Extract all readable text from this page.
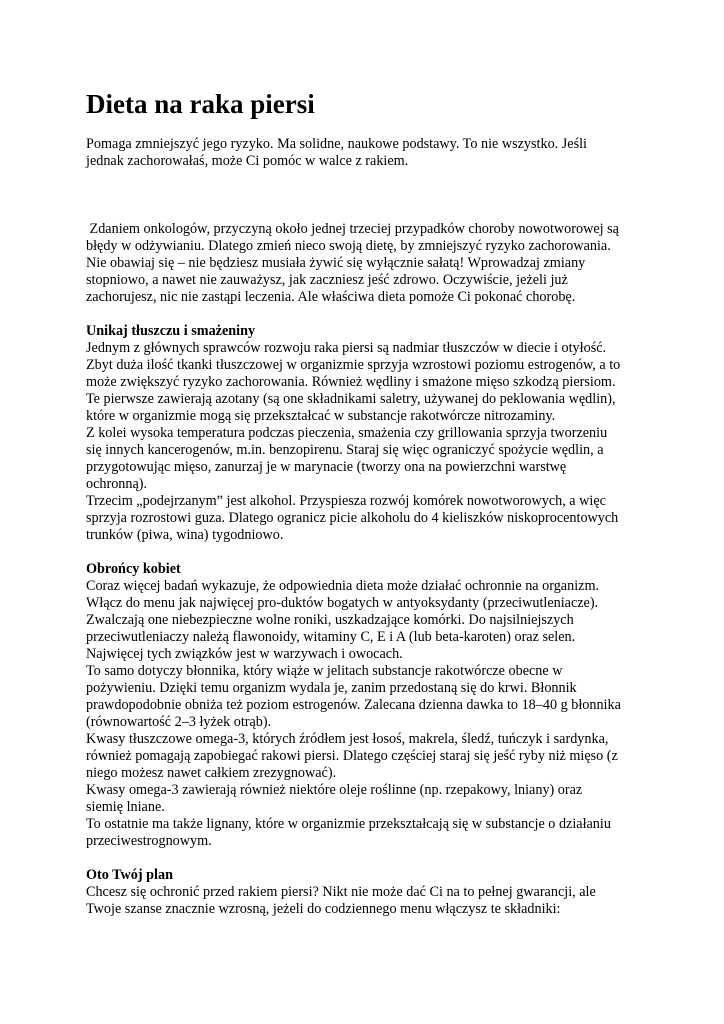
Dieta na raka piersi

Pomaga zmniejszyć jego ryzyko. Ma solidne, naukowe podstawy. To nie wszystko. Jeśli

jednak zachorowałaś, może Ci pomóc w walce z rakiem.

Zdaniem onkologów, przyczyną około jednej trzeciej przypadków choroby nowotworowej są

błędy w odżywianiu. Dlatego zmień nieco swoją dietę, by zmniejszyć ryzyko zachorowania.

Nie obawiaj się – nie będziesz musiała żywić się wyłącznie sałatą! Wprowadzaj zmiany

stopniowo, a nawet nie zauważysz, jak zaczniesz jeść zdrowo. Oczywiście, jeżeli już

zachorujesz, nic nie zastąpi leczenia. Ale właściwa dieta pomoże Ci pokonać chorobę.

Unikaj tłuszczu i smażeniny

Jednym z głównych sprawców rozwoju raka piersi są nadmiar tłuszczów w diecie i otyłość.

Zbyt duża ilość tkanki tłuszczowej w organizmie sprzyja wzrostowi poziomu estrogenów, a to

może zwiększyć ryzyko zachorowania. Również wędliny i smażone mięso szkodzą piersiom.

Te pierwsze zawierają azotany (są one składnikami saletry, używanej do peklowania wędlin),

które w organizmie mogą się przekształcać w substancje rakotwórcze nitrozaminy.

Z kolei wysoka temperatura podczas pieczenia, smażenia czy grillowania sprzyja tworzeniu

się innych kancerogenów, m.in. benzopirenu. Staraj się więc ograniczyć spożycie wędlin, a

przygotowując mięso, zanurzaj je w marynacie (tworzy ona na powierzchni warstwę

ochronną).

Trzecim „podejrzanym” jest alkohol. Przyspiesza rozwój komórek nowotworowych, a więc

sprzyja rozrostowi guza. Dlatego ogranicz picie alkoholu do 4 kieliszków niskoprocentowych

trunków (piwa, wina) tygodniowo.

Obrońcy kobiet

Coraz więcej badań wykazuje, że odpowiednia dieta może działać ochronnie na organizm.

Włącz do menu jak najwięcej pro-duktów bogatych w antyoksydanty (przeciwutleniacze).

Zwalczają one niebezpieczne wolne roniki, uszkadzające komórki. Do najsilniejszych

przeciwutleniaczy należą flawonoidy, witaminy C, E i A (lub beta-karoten) oraz selen.

Najwięcej tych związków jest w warzywach i owocach.

To samo dotyczy błonnika, który wiąże w jelitach substancje rakotwórcze obecne w

pożywieniu. Dzięki temu organizm wydala je, zanim przedostaną się do krwi. Błonnik

prawdopodobnie obniża też poziom estrogenów. Zalecana dzienna dawka to 18–40 g błonnika

(równowartość 2–3 łyżek otrąb).

Kwasy tłuszczowe omega-3, których źródłem jest łosoś, makrela, śledź, tuńczyk i sardynka,

również pomagają zapobiegać rakowi piersi. Dlatego częściej staraj się jeść ryby niż mięso (z

niego możesz nawet całkiem zrezygnować).

Kwasy omega-3 zawierają również niektóre oleje roślinne (np. rzepakowy, lniany) oraz

siemię lniane.

To ostatnie ma także lignany, które w organizmie przekształcają się w substancje o działaniu

przeciwestrognowym.

Oto Twój plan

Chcesz się ochronić przed rakiem piersi? Nikt nie może dać Ci na to pełnej gwarancji, ale

Twoje szanse znacznie wzrosną, jeżeli do codziennego menu włączysz te składniki:
